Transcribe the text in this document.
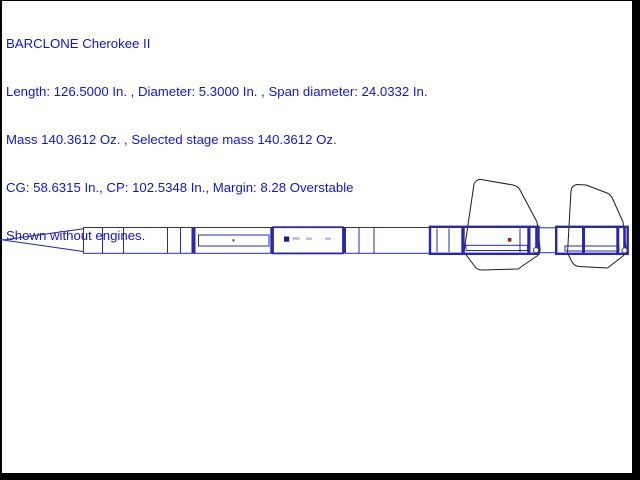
BARCLONE Cherokee II

Length: 126.5000 In. , Diameter: 5.3000 In. , Span diameter: 24.0332 In.

Mass 140.3612 Oz. , Selected stage mass 140.3612 Oz.

CG: 58.6315 In., CP: 102.5348 In., Margin: 8.28 Overstable

Shown without engines.
